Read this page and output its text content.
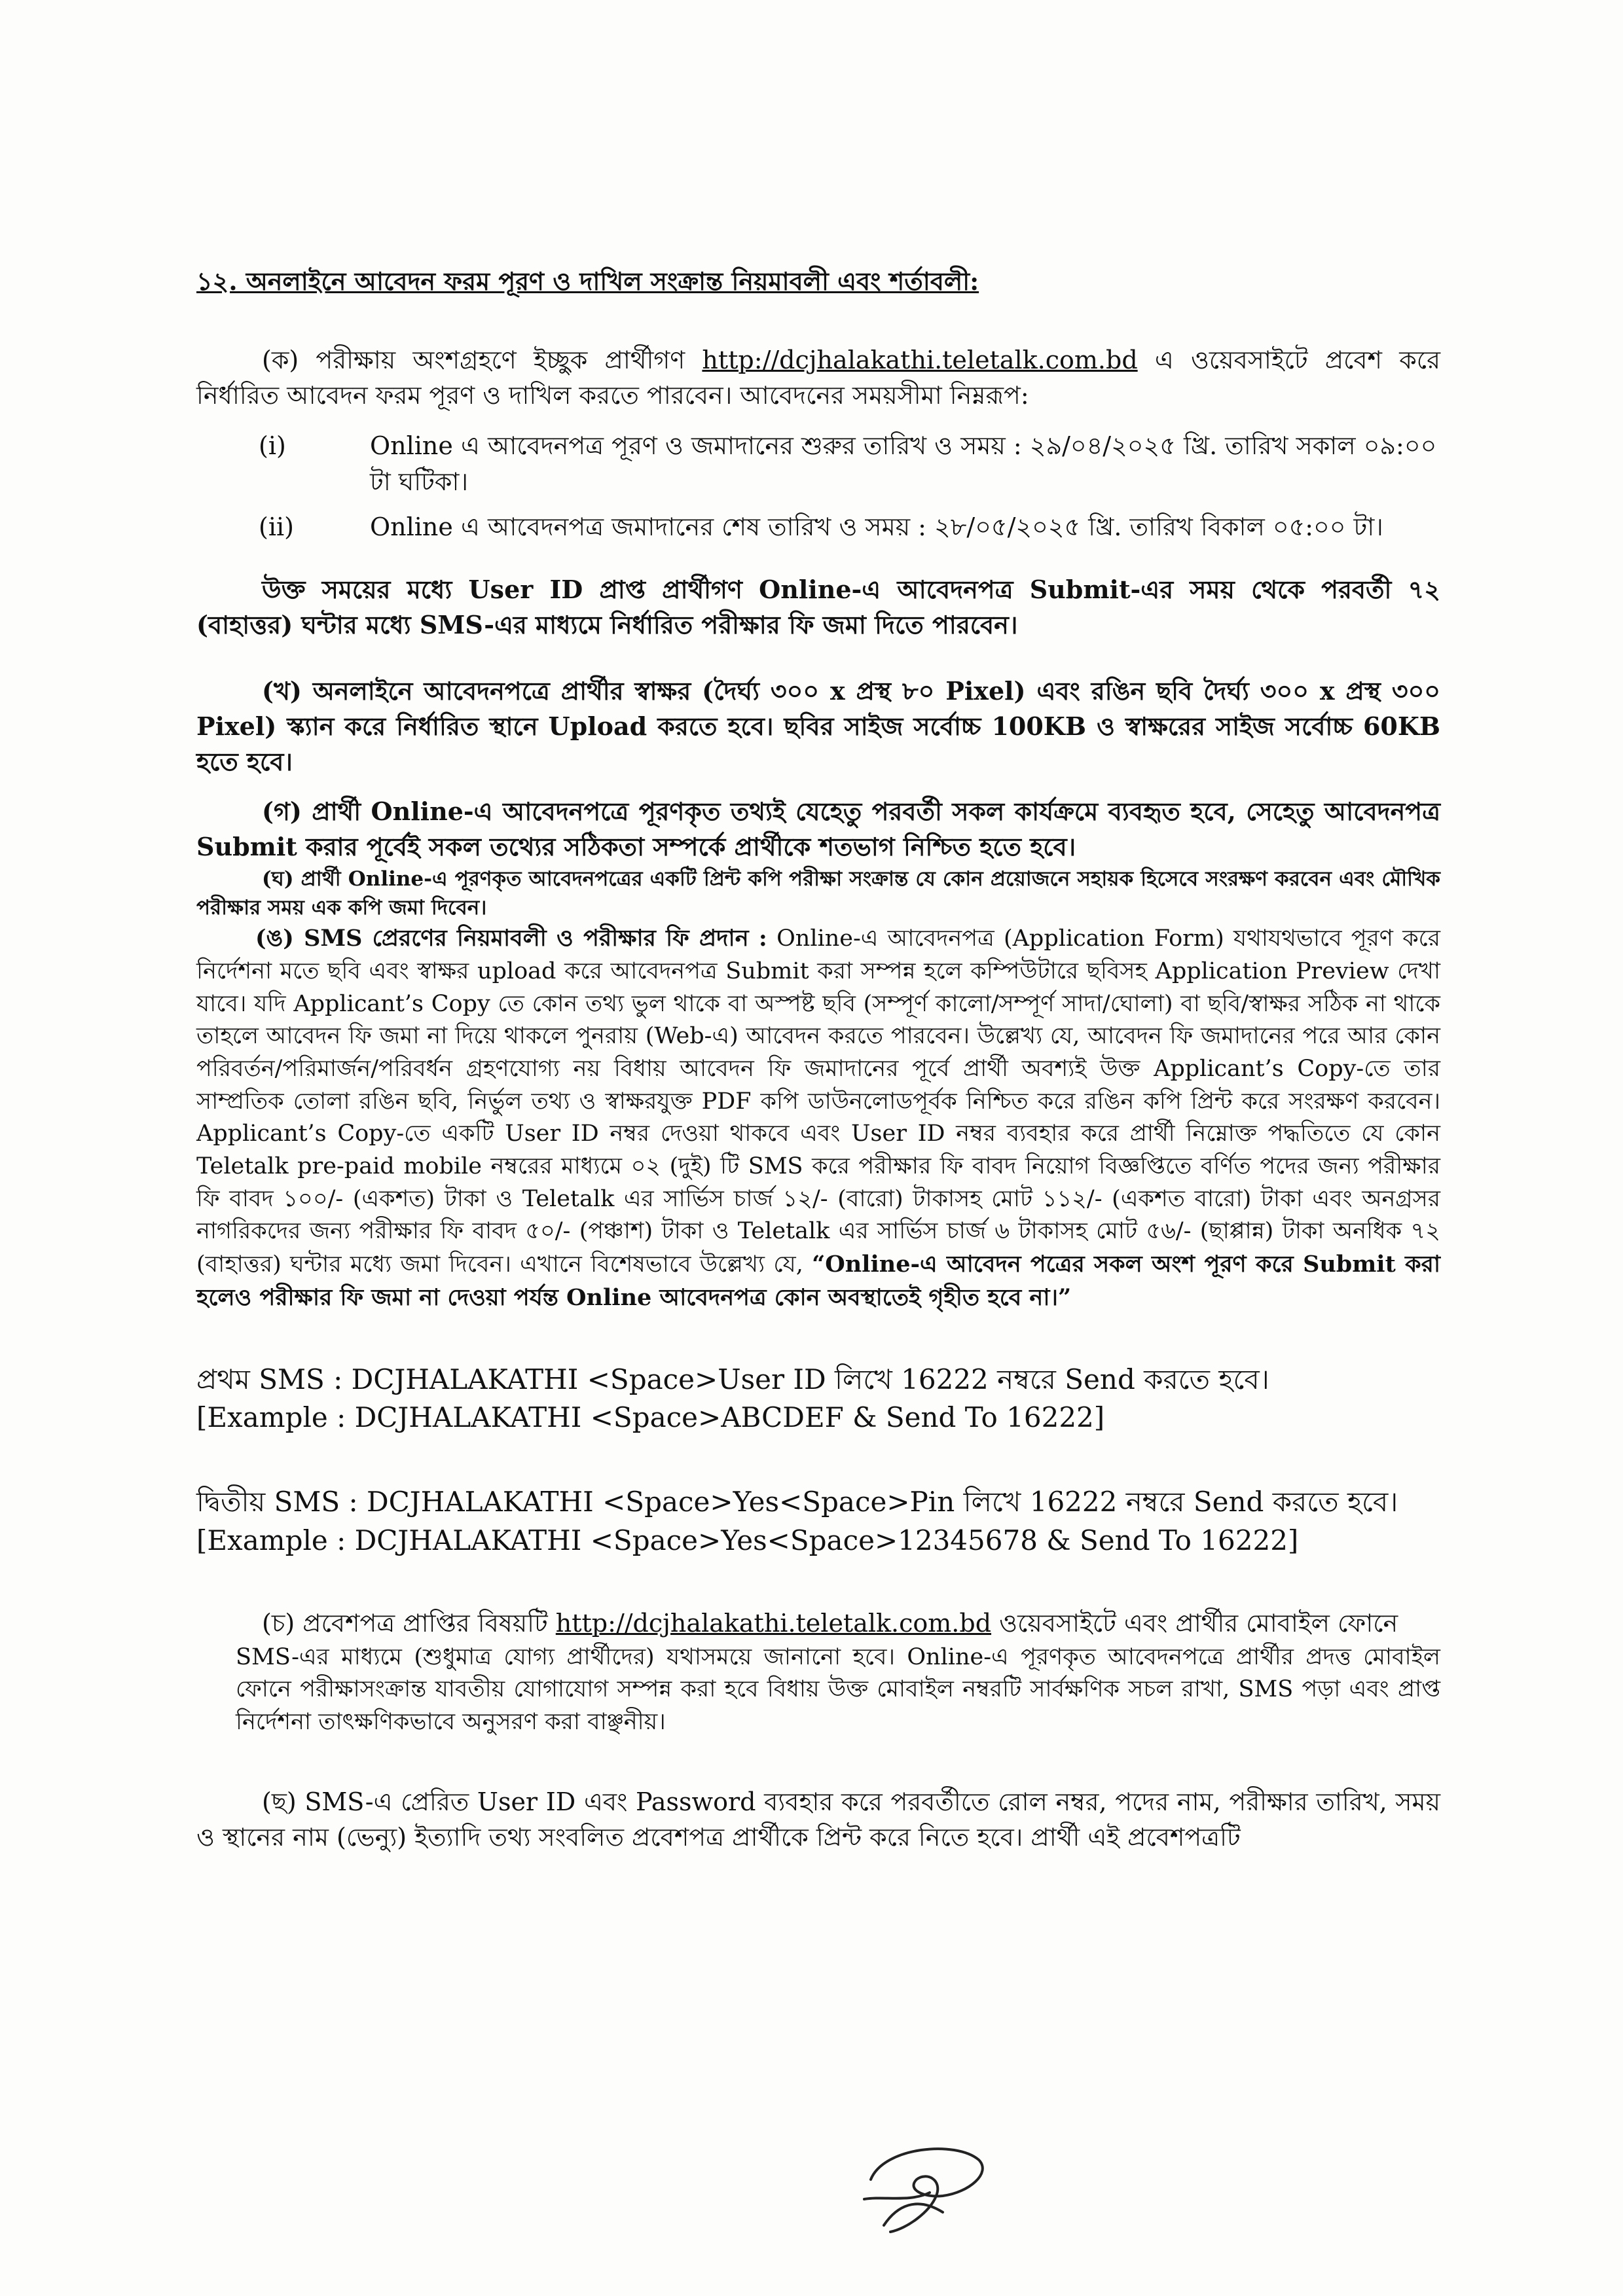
১২. অনলাইনে আবেদন ফরম পূরণ ও দাখিল সংক্রান্ত নিয়মাবলী এবং শর্তাবলী:

(ক) পরীক্ষায় অংশগ্রহণে ইচ্ছুক প্রার্থীগণ http://dcjhalakathi.teletalk.com.bd এ ওয়েবসাইটে প্রবেশ করে নির্ধারিত আবেদন ফরম পূরণ ও দাখিল করতে পারবেন। আবেদনের সময়সীমা নিম্নরূপ:

(i)	Online এ আবেদনপত্র পূরণ ও জমাদানের শুরুর তারিখ ও সময় : ২৯/০৪/২০২৫ খ্রি. তারিখ সকাল ০৯:০০ টা ঘটিকা।
(ii)	Online এ আবেদনপত্র জমাদানের শেষ তারিখ ও সময় : ২৮/০৫/২০২৫ খ্রি. তারিখ বিকাল ০৫:০০ টা।

উক্ত সময়ের মধ্যে User ID প্রাপ্ত প্রার্থীগণ Online-এ আবেদনপত্র Submit-এর সময় থেকে পরবর্তী ৭২ (বাহাত্তর) ঘন্টার মধ্যে SMS-এর মাধ্যমে নির্ধারিত পরীক্ষার ফি জমা দিতে পারবেন।

(খ) অনলাইনে আবেদনপত্রে প্রার্থীর স্বাক্ষর (দৈর্ঘ্য ৩০০ x প্রস্থ ৮০ Pixel) এবং রঙিন ছবি দৈর্ঘ্য ৩০০ x প্রস্থ ৩০০ Pixel) স্ক্যান করে নির্ধারিত স্থানে Upload করতে হবে। ছবির সাইজ সর্বোচ্চ 100KB ও স্বাক্ষরের সাইজ সর্বোচ্চ 60KB হতে হবে।

(গ) প্রার্থী Online-এ আবেদনপত্রে পূরণকৃত তথ্যই যেহেতু পরবর্তী সকল কার্যক্রমে ব্যবহৃত হবে, সেহেতু আবেদনপত্র Submit করার পূর্বেই সকল তথ্যের সঠিকতা সম্পর্কে প্রার্থীকে শতভাগ নিশ্চিত হতে হবে।

(ঘ) প্রার্থী Online-এ পূরণকৃত আবেদনপত্রের একটি প্রিন্ট কপি পরীক্ষা সংক্রান্ত যে কোন প্রয়োজনে সহায়ক হিসেবে সংরক্ষণ করবেন এবং মৌখিক পরীক্ষার সময় এক কপি জমা দিবেন।

(ঙ) SMS প্রেরণের নিয়মাবলী ও পরীক্ষার ফি প্রদান : Online-এ আবেদনপত্র (Application Form) যথাযথভাবে পূরণ করে নির্দেশনা মতে ছবি এবং স্বাক্ষর upload করে আবেদনপত্র Submit করা সম্পন্ন হলে কম্পিউটারে ছবিসহ Application Preview দেখা যাবে। যদি Applicant’s Copy তে কোন তথ্য ভুল থাকে বা অস্পষ্ট ছবি (সম্পূর্ণ কালো/সম্পূর্ণ সাদা/ঘোলা) বা ছবি/স্বাক্ষর সঠিক না থাকে তাহলে আবেদন ফি জমা না দিয়ে থাকলে পুনরায় (Web-এ) আবেদন করতে পারবেন। উল্লেখ্য যে, আবেদন ফি জমাদানের পরে আর কোন পরিবর্তন/পরিমার্জন/পরিবর্ধন গ্রহণযোগ্য নয় বিধায় আবেদন ফি জমাদানের পূর্বে প্রার্থী অবশ্যই উক্ত Applicant’s Copy-তে তার সাম্প্রতিক তোলা রঙিন ছবি, নির্ভুল তথ্য ও স্বাক্ষরযুক্ত PDF কপি ডাউনলোডপূর্বক নিশ্চিত করে রঙিন কপি প্রিন্ট করে সংরক্ষণ করবেন। Applicant’s Copy-তে একটি User ID নম্বর দেওয়া থাকবে এবং User ID নম্বর ব্যবহার করে প্রার্থী নিম্নোক্ত পদ্ধতিতে যে কোন Teletalk pre-paid mobile নম্বরের মাধ্যমে ০২ (দুই) টি SMS করে পরীক্ষার ফি বাবদ নিয়োগ বিজ্ঞপ্তিতে বর্ণিত পদের জন্য পরীক্ষার ফি বাবদ ১০০/- (একশত) টাকা ও Teletalk এর সার্ভিস চার্জ ১২/- (বারো) টাকাসহ মোট ১১২/- (একশত বারো) টাকা এবং অনগ্রসর নাগরিকদের জন্য পরীক্ষার ফি বাবদ ৫০/- (পঞ্চাশ) টাকা ও Teletalk এর সার্ভিস চার্জ ৬ টাকাসহ মোট ৫৬/- (ছাপ্পান্ন) টাকা অনধিক ৭২ (বাহাত্তর) ঘন্টার মধ্যে জমা দিবেন। এখানে বিশেষভাবে উল্লেখ্য যে, “Online-এ আবেদন পত্রের সকল অংশ পূরণ করে Submit করা হলেও পরীক্ষার ফি জমা না দেওয়া পর্যন্ত Online আবেদনপত্র কোন অবস্থাতেই গৃহীত হবে না।”

প্রথম SMS : DCJHALAKATHI <Space>User ID লিখে 16222 নম্বরে Send করতে হবে।

[Example : DCJHALAKATHI <Space>ABCDEF & Send To 16222]

দ্বিতীয় SMS : DCJHALAKATHI <Space>Yes<Space>Pin লিখে 16222 নম্বরে Send করতে হবে।

[Example : DCJHALAKATHI <Space>Yes<Space>12345678 & Send To 16222]

(চ) প্রবেশপত্র প্রাপ্তির বিষয়টি http://dcjhalakathi.teletalk.com.bd ওয়েবসাইটে এবং প্রার্থীর মোবাইল ফোনে

SMS-এর মাধ্যমে (শুধুমাত্র যোগ্য প্রার্থীদের) যথাসময়ে জানানো হবে। Online-এ পূরণকৃত আবেদনপত্রে প্রার্থীর প্রদত্ত মোবাইল ফোনে পরীক্ষাসংক্রান্ত যাবতীয় যোগাযোগ সম্পন্ন করা হবে বিধায় উক্ত মোবাইল নম্বরটি সার্বক্ষণিক সচল রাখা, SMS পড়া এবং প্রাপ্ত নির্দেশনা তাৎক্ষণিকভাবে অনুসরণ করা বাঞ্ছনীয়।

(ছ) SMS-এ প্রেরিত User ID এবং Password ব্যবহার করে পরবর্তীতে রোল নম্বর, পদের নাম, পরীক্ষার তারিখ, সময় ও স্থানের নাম (ভেন্যু) ইত্যাদি তথ্য সংবলিত প্রবেশপত্র প্রার্থীকে প্রিন্ট করে নিতে হবে। প্রার্থী এই প্রবেশপত্রটি
